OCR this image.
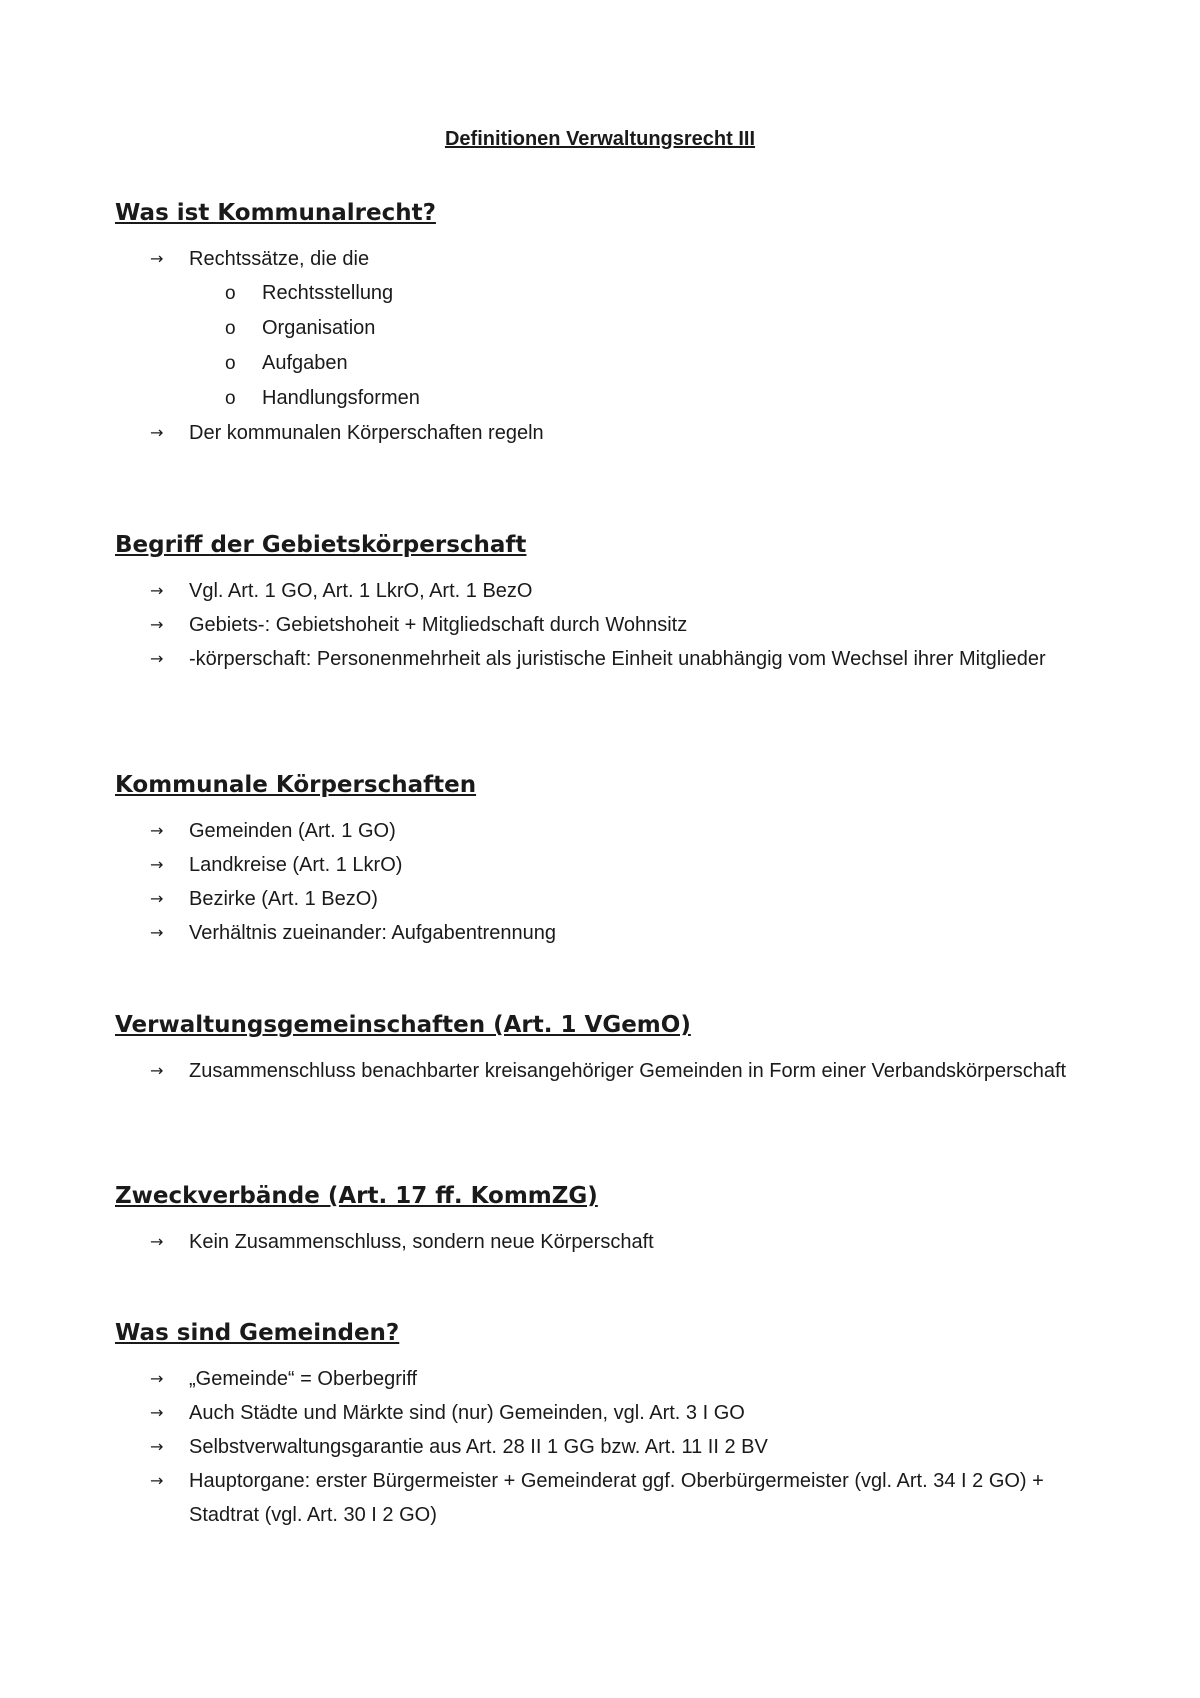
Definitionen Verwaltungsrecht III
Was ist Kommunalrecht?
→ Rechtssätze, die die
o Rechtsstellung
o Organisation
o Aufgaben
o Handlungsformen
→ Der kommunalen Körperschaften regeln
Begriff der Gebietskörperschaft
→ Vgl. Art. 1 GO, Art. 1 LkrO, Art. 1 BezO
→ Gebiets-: Gebietshoheit + Mitgliedschaft durch Wohnsitz
→ -körperschaft: Personenmehrheit als juristische Einheit unabhängig vom Wechsel ihrer Mitglieder
Kommunale Körperschaften
→ Gemeinden (Art. 1 GO)
→ Landkreise (Art. 1 LkrO)
→ Bezirke (Art. 1 BezO)
→ Verhältnis zueinander: Aufgabentrennung
Verwaltungsgemeinschaften (Art. 1 VGemO)
→ Zusammenschluss benachbarter kreisangehöriger Gemeinden in Form einer Verbandskörperschaft
Zweckverbände (Art. 17 ff. KommZG)
→ Kein Zusammenschluss, sondern neue Körperschaft
Was sind Gemeinden?
→ „Gemeinde“ = Oberbegriff
→ Auch Städte und Märkte sind (nur) Gemeinden, vgl. Art. 3 I GO
→ Selbstverwaltungsgarantie aus Art. 28 II 1 GG bzw. Art. 11 II 2 BV
→ Hauptorgane: erster Bürgermeister + Gemeinderat ggf. Oberbürgermeister (vgl. Art. 34 I 2 GO) + Stadtrat (vgl. Art. 30 I 2 GO)
